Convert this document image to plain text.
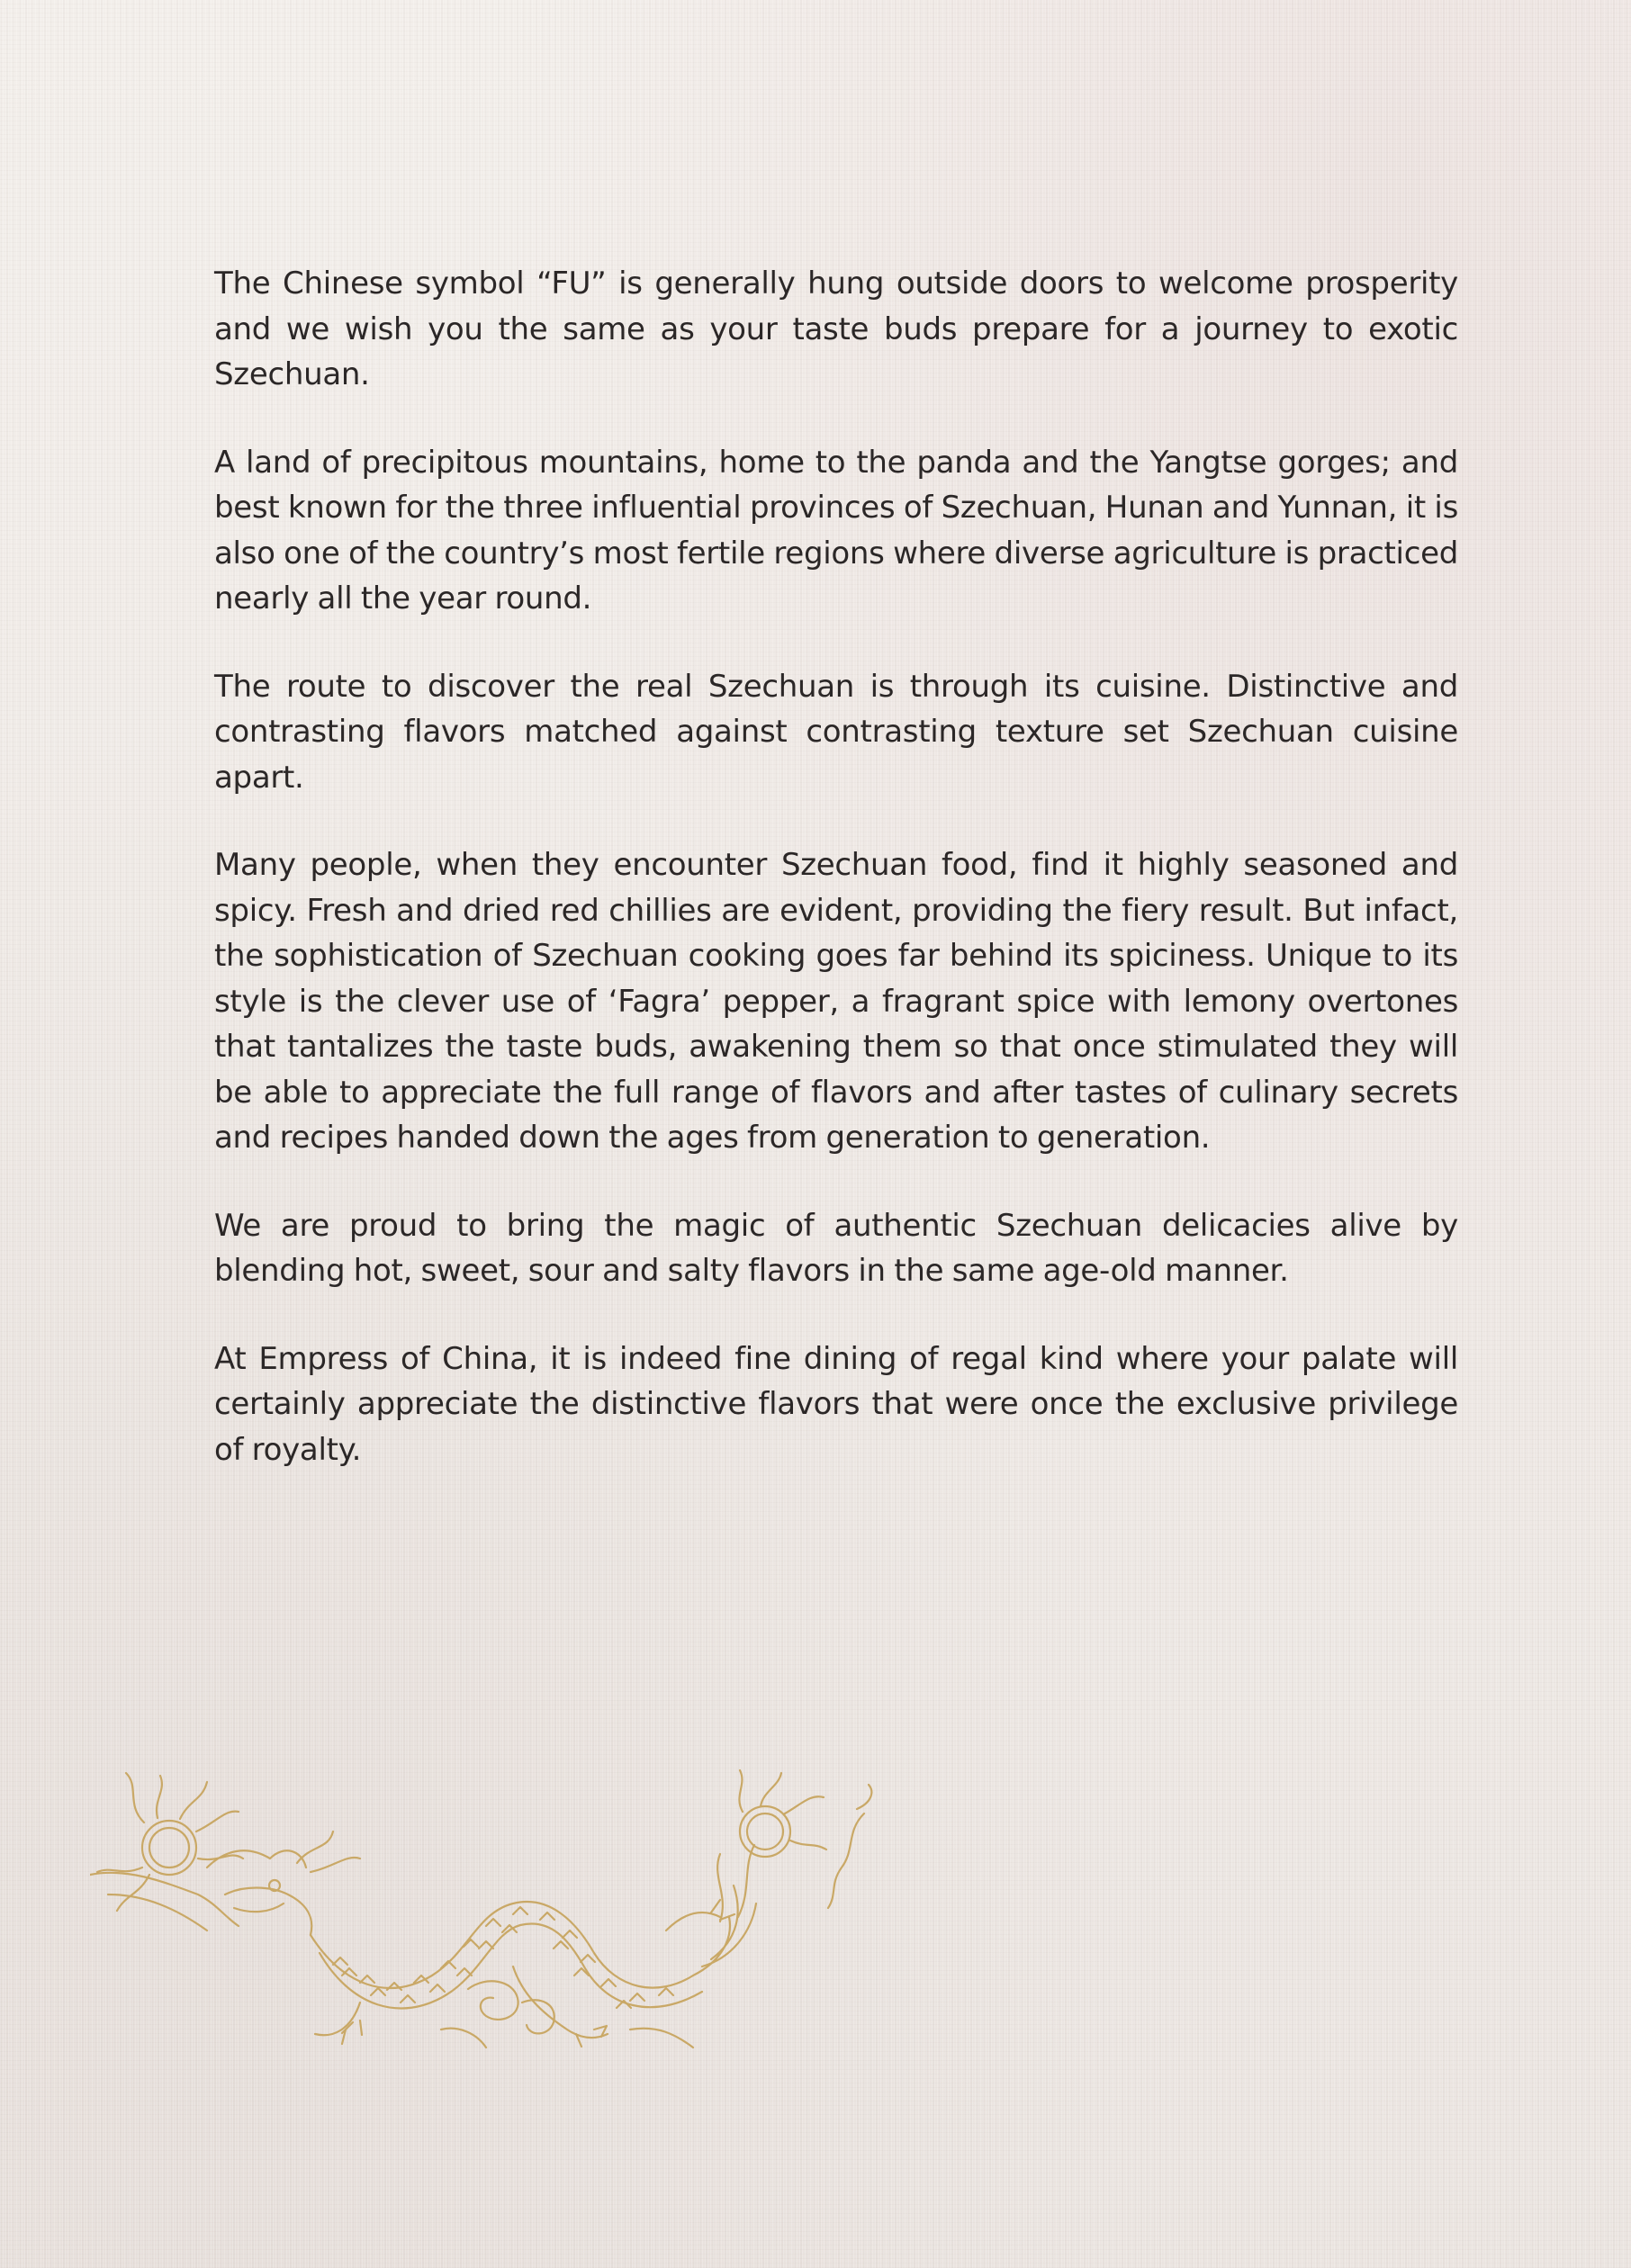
The Chinese symbol “FU” is generally hung outside doors to welcome prosperity and we wish you the same as your taste buds prepare for a journey to exotic Szechuan.

A land of precipitous mountains, home to the panda and the Yangtse gorges; and best known for the three influential provinces of Szechuan, Hunan and Yunnan, it is also one of the country’s most fertile regions where diverse agriculture is practiced nearly all the year round.

The route to discover the real Szechuan is through its cuisine. Distinctive and contrasting flavors matched against contrasting texture set Szechuan cuisine apart.

Many people, when they encounter Szechuan food, find it highly seasoned and spicy. Fresh and dried red chillies are evident, providing the fiery result. But infact, the sophistication of Szechuan cooking goes far behind its spiciness. Unique to its style is the clever use of ‘Fagra’ pepper, a fragrant spice with lemony overtones that tantalizes the taste buds, awakening them so that once stimulated they will be able to appreciate the full range of flavors and after tastes of culinary secrets and recipes handed down the ages from generation to generation.

We are proud to bring the magic of authentic Szechuan delicacies alive by blending hot, sweet, sour and salty flavors in the same age-old manner.

At Empress of China, it is indeed fine dining of regal kind where your palate will certainly appreciate the distinctive flavors that were once the exclusive privilege of royalty.
